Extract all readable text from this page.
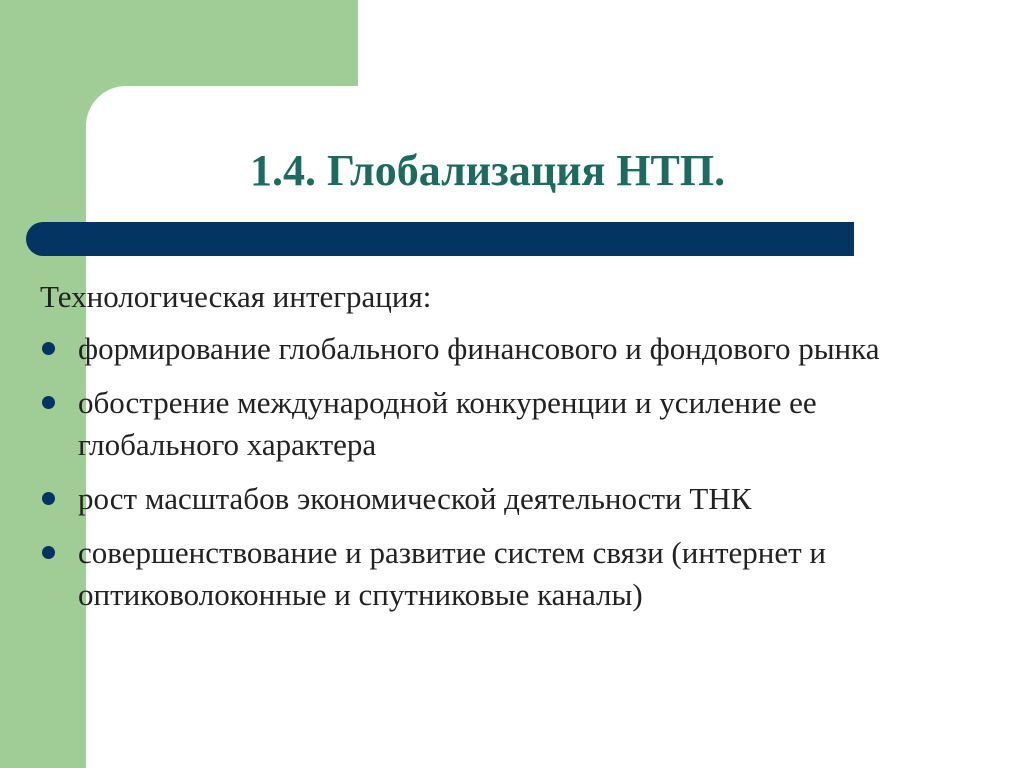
1.4. Глобализация НТП.

Технологическая интеграция:

формирование глобального финансового и фондового рынка
обострение международной конкуренции и усиление ее глобального характера
рост масштабов экономической деятельности ТНК
совершенствование и развитие систем связи (интернет и оптиковолоконные и спутниковые каналы)
